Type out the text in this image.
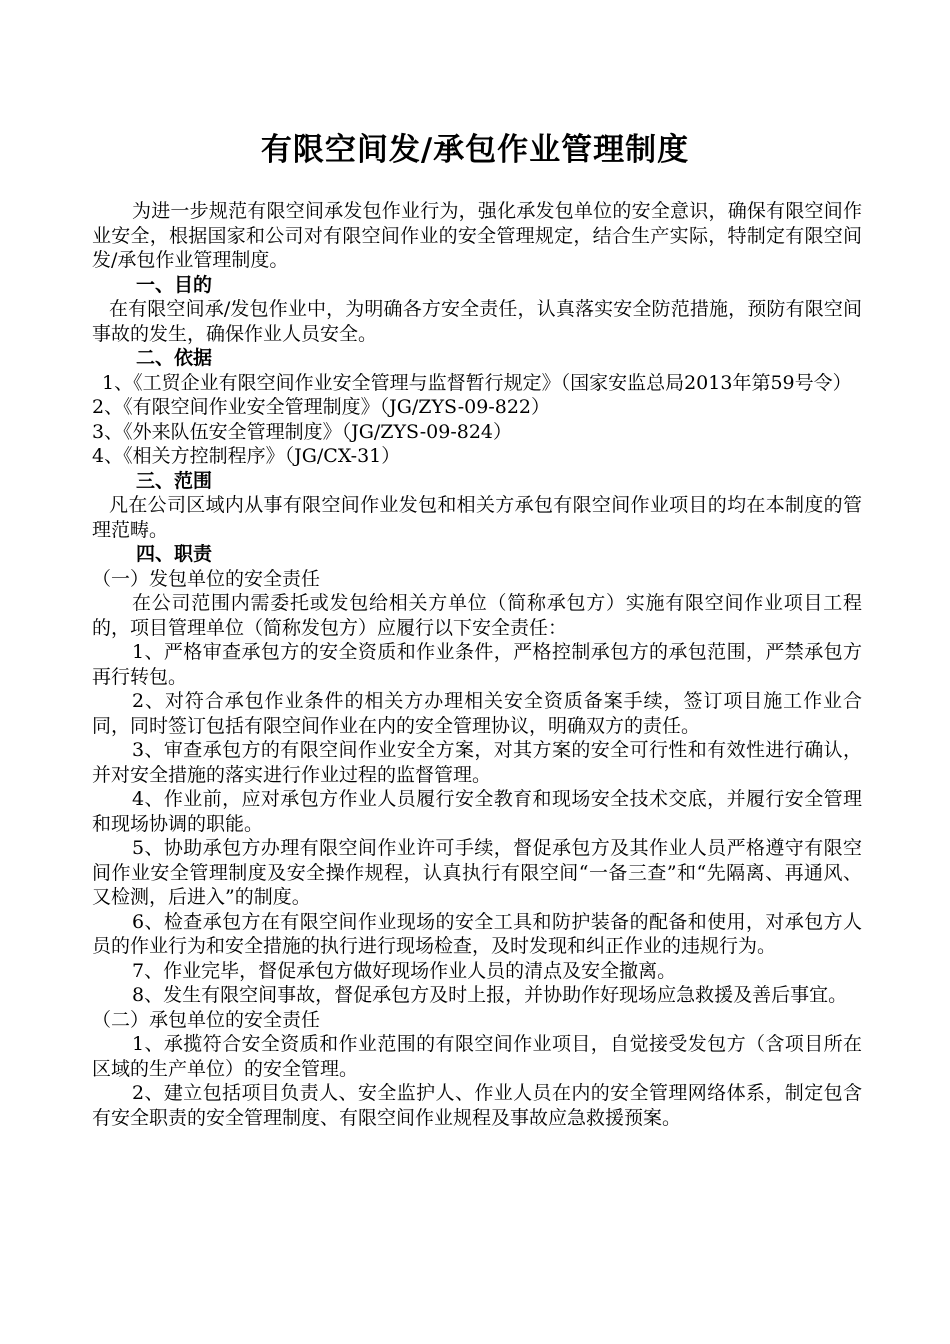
有限空间发/承包作业管理制度

为进一步规范有限空间承发包作业行为，强化承发包单位的安全意识，确保有限空间作业安全，根据国家和公司对有限空间作业的安全管理规定，结合生产实际，特制定有限空间发/承包作业管理制度。

一、目的

在有限空间承/发包作业中，为明确各方安全责任，认真落实安全防范措施，预防有限空间事故的发生，确保作业人员安全。

二、依据

1、《工贸企业有限空间作业安全管理与监督暂行规定》（国家安监总局2013年第59号令）

2、《有限空间作业安全管理制度》（JG/ZYS-09-822）

3、《外来队伍安全管理制度》（JG/ZYS-09-824）

4、《相关方控制程序》（JG/CX-31）

三、范围

凡在公司区域内从事有限空间作业发包和相关方承包有限空间作业项目的均在本制度的管理范畴。

四、职责

（一）发包单位的安全责任

在公司范围内需委托或发包给相关方单位（简称承包方）实施有限空间作业项目工程的，项目管理单位（简称发包方）应履行以下安全责任：

1、严格审查承包方的安全资质和作业条件，严格控制承包方的承包范围，严禁承包方再行转包。

2、对符合承包作业条件的相关方办理相关安全资质备案手续，签订项目施工作业合同，同时签订包括有限空间作业在内的安全管理协议，明确双方的责任。

3、审查承包方的有限空间作业安全方案，对其方案的安全可行性和有效性进行确认，并对安全措施的落实进行作业过程的监督管理。

4、作业前，应对承包方作业人员履行安全教育和现场安全技术交底，并履行安全管理和现场协调的职能。

5、协助承包方办理有限空间作业许可手续，督促承包方及其作业人员严格遵守有限空间作业安全管理制度及安全操作规程，认真执行有限空间“一备三查”和“先隔离、再通风、又检测，后进入”的制度。

6、检查承包方在有限空间作业现场的安全工具和防护装备的配备和使用，对承包方人员的作业行为和安全措施的执行进行现场检查，及时发现和纠正作业的违规行为。

7、作业完毕，督促承包方做好现场作业人员的清点及安全撤离。

8、发生有限空间事故，督促承包方及时上报，并协助作好现场应急救援及善后事宜。

（二）承包单位的安全责任

1、承揽符合安全资质和作业范围的有限空间作业项目，自觉接受发包方（含项目所在区域的生产单位）的安全管理。

2、建立包括项目负责人、安全监护人、作业人员在内的安全管理网络体系，制定包含有安全职责的安全管理制度、有限空间作业规程及事故应急救援预案。
